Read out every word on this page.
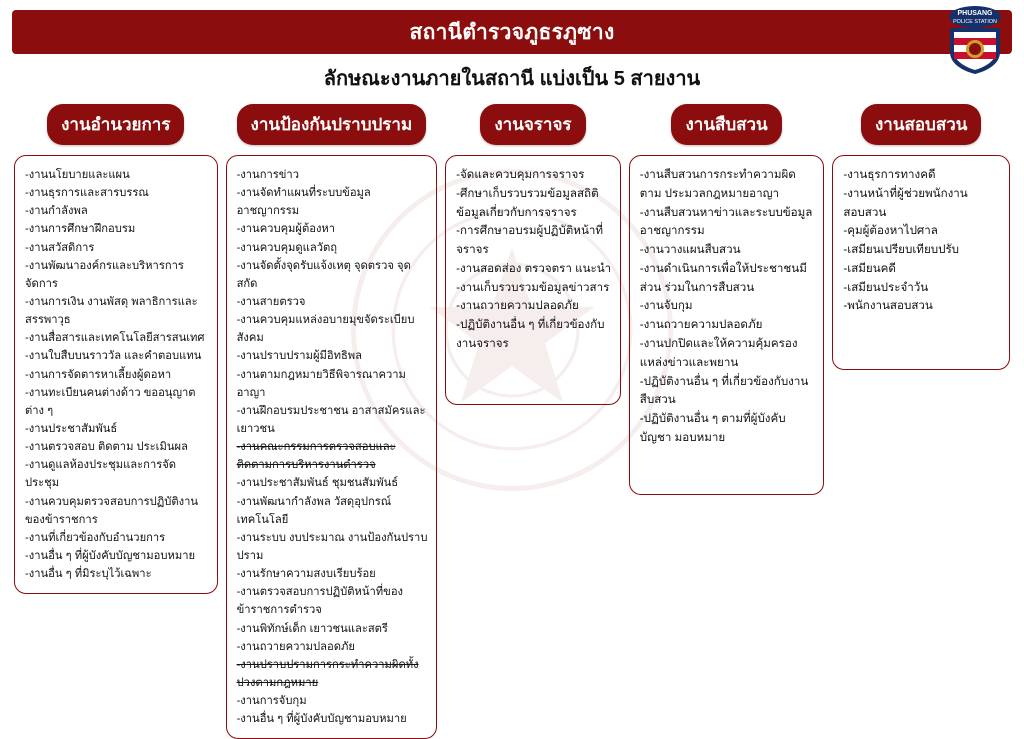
สถานีตำรวจภูธรภูซาง
PHUSANG
POLICE STATION
ลักษณะงานภายในสถานี แบ่งเป็น 5 สายงาน
งานอำนวยการ
-งานนโยบายและแผน
-งานธุรการและสารบรรณ
-งานกำลังพล
-งานการศึกษาฝึกอบรม
-งานสวัสดิการ
-งานพัฒนาองค์กรและบริหารการจัดการ
-งานการเงิน งานพัสดุ พลาธิการและ สรรพาวุธ
-งานสื่อสารและเทคโนโลยีสารสนเทศ
-งานใบสืบบนราววัล และคำตอบแทน
-งานการจัดตารหาเลี้ยงผู้ดอหา
-งานทะเบียนคนต่างด้าว ขออนุญาตต่าง ๆ
-งานประชาสัมพันธ์
-งานตรวจสอบ ติดตาม ประเมินผล
-งานดูแลห้องประชุมและการจัดประชุม
-งานควบคุมตรวจสอบการปฏิบัติงาน ของข้าราชการ
-งานที่เกี่ยวข้องกับอำนวยการ
-งานอื่น ๆ ที่ผู้บังคับบัญชามอบหมาย
-งานอื่น ๆ ที่มิระบุไว้เฉพาะ
งานป้องกันปราบปราม
-งานการข่าว
-งานจัดทำแผนที่ระบบข้อมูลอาชญากรรม
-งานควบคุมผู้ต้องหา
-งานควบคุมดูแลวัตถุ
-งานจัดตั้งจุดรับแจ้งเหตุ จุดตรวจ จุดสกัด
-งานสายตรวจ
-งานควบคุมแหล่งอบายมุขจัดระเบียบสังคม
-งานปราบปรามผู้มีอิทธิพล
-งานตามกฎหมายวิธีพิจารณาความอาญา
-งานฝึกอบรมประชาชน อาสาสมัครและเยาวชน
-งานคณะกรรมการตรวจสอบและติดตามการบริหารงานตำรวจ
-งานประชาสัมพันธ์ ชุมชนสัมพันธ์
-งานพัฒนากำลังพล วัสดุอุปกรณ์ เทคโนโลยี
-งานระบบ งบประมาณ งานป้องกันปราบปราม
-งานรักษาความสงบเรียบร้อย
-งานตรวจสอบการปฏิบัติหน้าที่ของข้าราชการตำรวจ
-งานพิทักษ์เด็ก เยาวชนและสตรี
-งานถวายความปลอดภัย
-งานปราบปรามการกระทำความผิดทั้งปวงตามกฎหมาย
-งานการจับกุม
-งานอื่น ๆ ที่ผู้บังคับบัญชามอบหมาย
งานจราจร
-จัดและควบคุมการจราจร
-ศึกษาเก็บรวบรวมข้อมูลสถิติ ข้อมูลเกี่ยวกับการจราจร
-การศึกษาอบรมผู้ปฏิบัติหน้าที่ จราจร
-งานสอดส่อง ตรวจตรา แนะนำ
-งานเก็บรวบรวมข้อมูลข่าวสาร
-งานถวายความปลอดภัย
-ปฏิบัติงานอื่น ๆ ที่เกี่ยวข้องกับ งานจราจร
งานสืบสวน
-งานสืบสวนการกระทำความผิดตาม ประมวลกฎหมายอาญา
-งานสืบสวนหาข่าวและระบบข้อมูล อาชญากรรม
-งานวางแผนสืบสวน
-งานดำเนินการเพื่อให้ประชาชนมีส่วน ร่วมในการสืบสวน
-งานจับกุม
-งานถวายความปลอดภัย
-งานปกปิดและให้ความคุ้มครอง แหล่งข่าวและพยาน
-ปฏิบัติงานอื่น ๆ ที่เกี่ยวข้องกับงาน สืบสวน
-ปฏิบัติงานอื่น ๆ ตามที่ผู้บังคับบัญชา มอบหมาย
งานสอบสวน
-งานธุรการทางคดี
-งานหน้าที่ผู้ช่วยพนักงาน สอบสวน
-คุมผู้ต้องหาไปศาล
-เสมียนเปรียบเทียบปรับ
-เสมียนคดี
-เสมียนประจำวัน
-พนักงานสอบสวน
